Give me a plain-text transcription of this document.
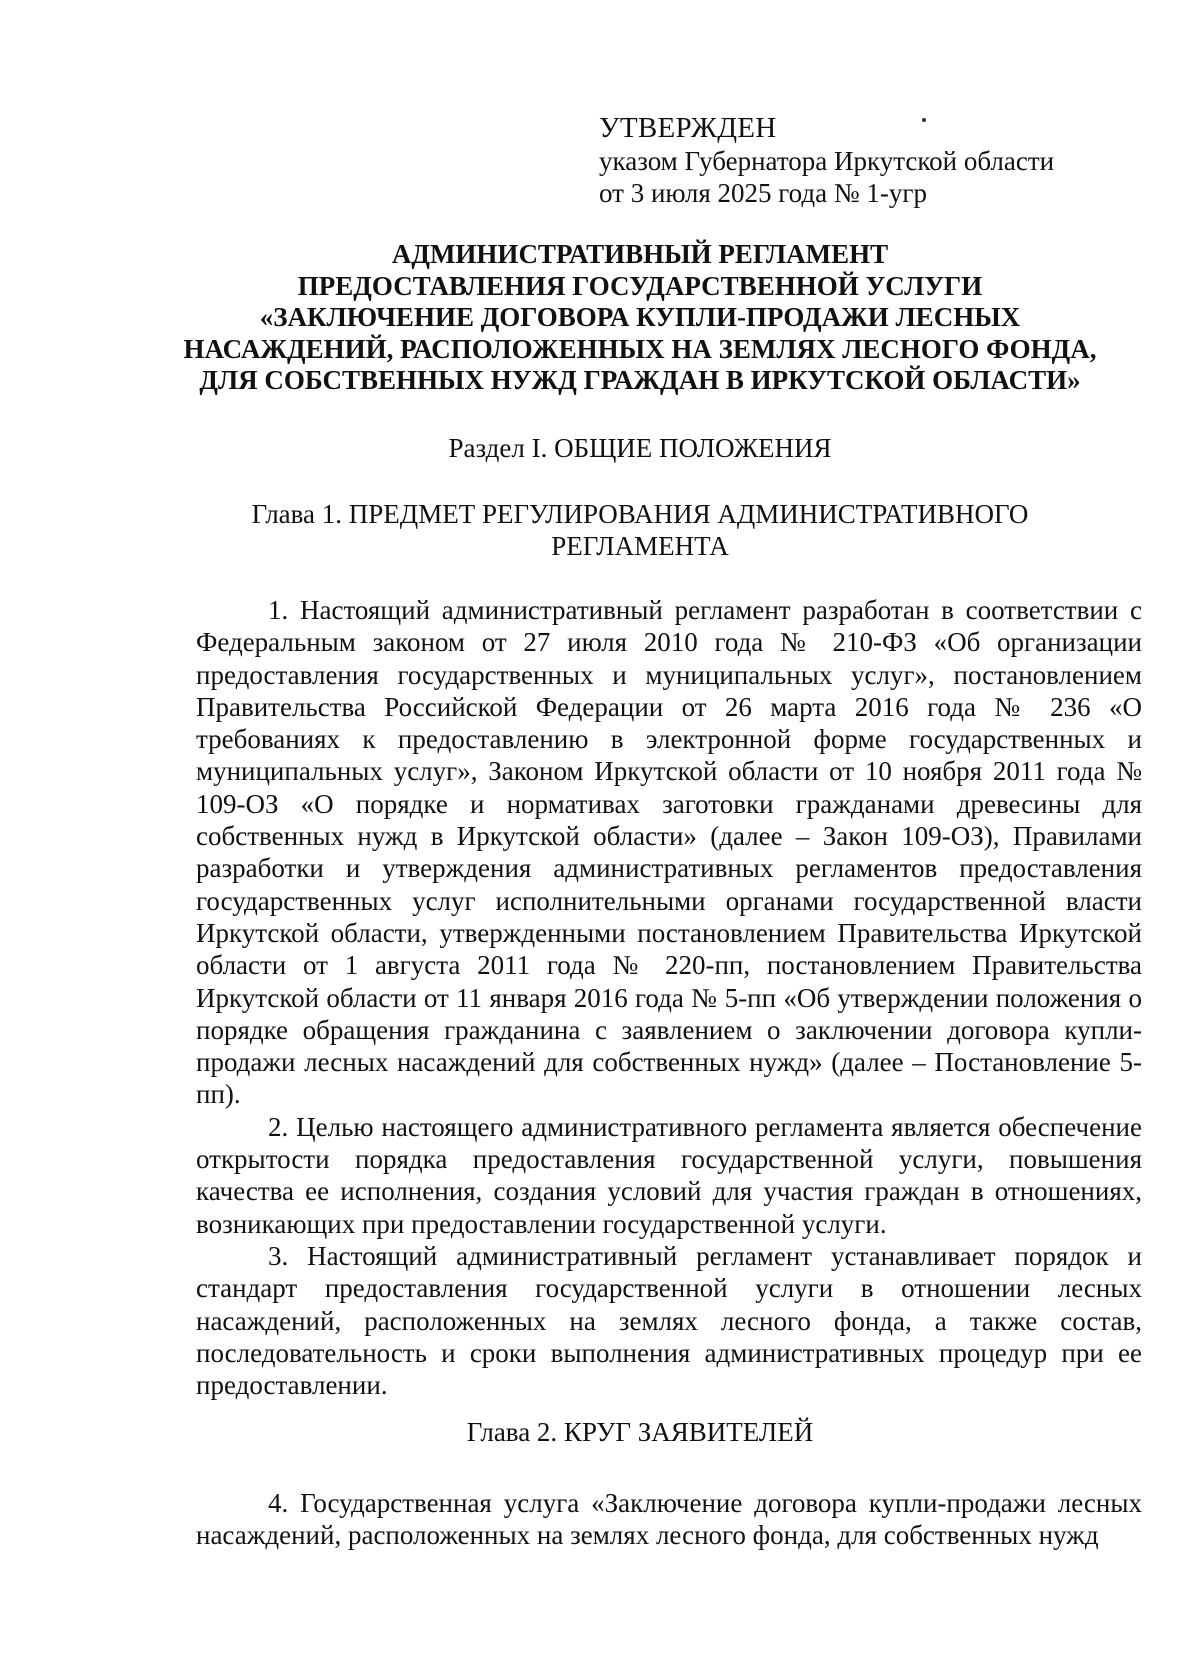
УТВЕРЖДЕН
указом Губернатора Иркутской области
от 3 июля 2025 года № 1-угр
АДМИНИСТРАТИВНЫЙ РЕГЛАМЕНТ
ПРЕДОСТАВЛЕНИЯ ГОСУДАРСТВЕННОЙ УСЛУГИ
«ЗАКЛЮЧЕНИЕ ДОГОВОРА КУПЛИ-ПРОДАЖИ ЛЕСНЫХ
НАСАЖДЕНИЙ, РАСПОЛОЖЕННЫХ НА ЗЕМЛЯХ ЛЕСНОГО ФОНДА,
ДЛЯ СОБСТВЕННЫХ НУЖД ГРАЖДАН В ИРКУТСКОЙ ОБЛАСТИ»
Раздел I. ОБЩИЕ ПОЛОЖЕНИЯ
Глава 1. ПРЕДМЕТ РЕГУЛИРОВАНИЯ АДМИНИСТРАТИВНОГО
РЕГЛАМЕНТА

1. Настоящий административный регламент разработан в соответствии с Федеральным законом от 27 июля 2010 года № 210-ФЗ «Об организации предоставления государственных и муниципальных услуг», постановлением Правительства Российской Федерации от 26 марта 2016 года № 236 «О требованиях к предоставлению в электронной форме государственных и муниципальных услуг», Законом Иркутской области от 10 ноября 2011 года № 109-ОЗ «О порядке и нормативах заготовки гражданами древесины для собственных нужд в Иркутской области» (далее – Закон 109-ОЗ), Правилами разработки и утверждения административных регламентов предоставления государственных услуг исполнительными органами государственной власти Иркутской области, утвержденными постановлением Правительства Иркутской области от 1 августа 2011 года № 220-пп, постановлением Правительства Иркутской области от 11 января 2016 года № 5-пп «Об утверждении положения о порядке обращения гражданина с заявлением о заключении договора купли-продажи лесных насаждений для собственных нужд» (далее – Постановление 5-пп).

2. Целью настоящего административного регламента является обеспечение открытости порядка предоставления государственной услуги, повышения качества ее исполнения, создания условий для участия граждан в отношениях, возникающих при предоставлении государственной услуги.

3. Настоящий административный регламент устанавливает порядок и стандарт предоставления государственной услуги в отношении лесных насаждений, расположенных на землях лесного фонда, а также состав, последовательность и сроки выполнения административных процедур при ее предоставлении.

Глава 2. КРУГ ЗАЯВИТЕЛЕЙ

4. Государственная услуга «Заключение договора купли-продажи лесных насаждений, расположенных на землях лесного фонда, для собственных нужд
